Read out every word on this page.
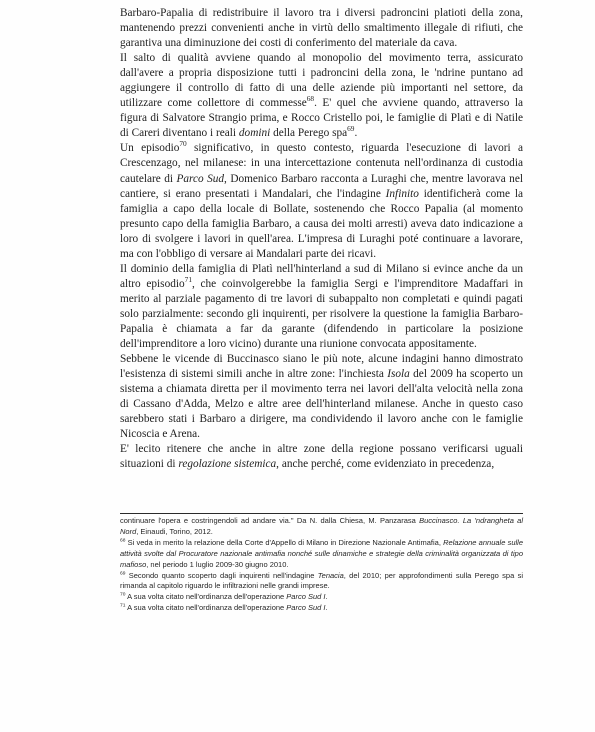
Barbaro-Papalia di redistribuire il lavoro tra i diversi padroncini platioti della zona, mantenendo prezzi convenienti anche in virtù dello smaltimento illegale di rifiuti, che garantiva una diminuzione dei costi di conferimento del materiale da cava.

Il salto di qualità avviene quando al monopolio del movimento terra, assicurato dall'avere a propria disposizione tutti i padroncini della zona, le 'ndrine puntano ad aggiungere il controllo di fatto di una delle aziende più importanti nel settore, da utilizzare come collettore di commesse$^{68}$. E' quel che avviene quando, attraverso la figura di Salvatore Strangio prima, e Rocco Cristello poi, le famiglie di Platì e di Natile di Careri diventano i reali domini della Perego spa$^{69}$.

Un episodio$^{70}$ significativo, in questo contesto, riguarda l'esecuzione di lavori a Crescenzago, nel milanese: in una intercettazione contenuta nell'ordinanza di custodia cautelare di Parco Sud, Domenico Barbaro racconta a Luraghi che, mentre lavorava nel cantiere, si erano presentati i Mandalari, che l'indagine Infinito identificherà come la famiglia a capo della locale di Bollate, sostenendo che Rocco Papalia (al momento presunto capo della famiglia Barbaro, a causa dei molti arresti) aveva dato indicazione a loro di svolgere i lavori in quell'area. L'impresa di Luraghi poté continuare a lavorare, ma con l'obbligo di versare ai Mandalari parte dei ricavi.

Il dominio della famiglia di Platì nell'hinterland a sud di Milano si evince anche da un altro episodio$^{71}$, che coinvolgerebbe la famiglia Sergi e l'imprenditore Madaffari in merito al parziale pagamento di tre lavori di subappalto non completati e quindi pagati solo parzialmente: secondo gli inquirenti, per risolvere la questione la famiglia Barbaro-Papalia è chiamata a far da garante (difendendo in particolare la posizione dell'imprenditore a loro vicino) durante una riunione convocata appositamente.

Sebbene le vicende di Buccinasco siano le più note, alcune indagini hanno dimostrato l'esistenza di sistemi simili anche in altre zone: l'inchiesta Isola del 2009 ha scoperto un sistema a chiamata diretta per il movimento terra nei lavori dell'alta velocità nella zona di Cassano d'Adda, Melzo e altre aree dell'hinterland milanese. Anche in questo caso sarebbero stati i Barbaro a dirigere, ma condividendo il lavoro anche con le famiglie Nicoscia e Arena.

E' lecito ritenere che anche in altre zone della regione possano verificarsi uguali situazioni di regolazione sistemica, anche perché, come evidenziato in precedenza,

continuare l'opera e costringendoli ad andare via." Da N. dalla Chiesa, M. Panzarasa Buccinasco. La 'ndrangheta al Nord, Einaudi, Torino, 2012.

$^{68}$ Si veda in merito la relazione della Corte d'Appello di Milano in Direzione Nazionale Antimafia, Relazione annuale sulle attività svolte dal Procuratore nazionale antimafia nonché sulle dinamiche e strategie della criminalità organizzata di tipo mafioso, nel periodo 1 luglio 2009-30 giugno 2010.

$^{69}$ Secondo quanto scoperto dagli inquirenti nell'indagine Tenacia, del 2010; per approfondimenti sulla Perego spa si rimanda al capitolo riguardo le infiltrazioni nelle grandi imprese.

$^{70}$ A sua volta citato nell'ordinanza dell'operazione Parco Sud I.

$^{71}$ A sua volta citato nell'ordinanza dell'operazione Parco Sud I.
